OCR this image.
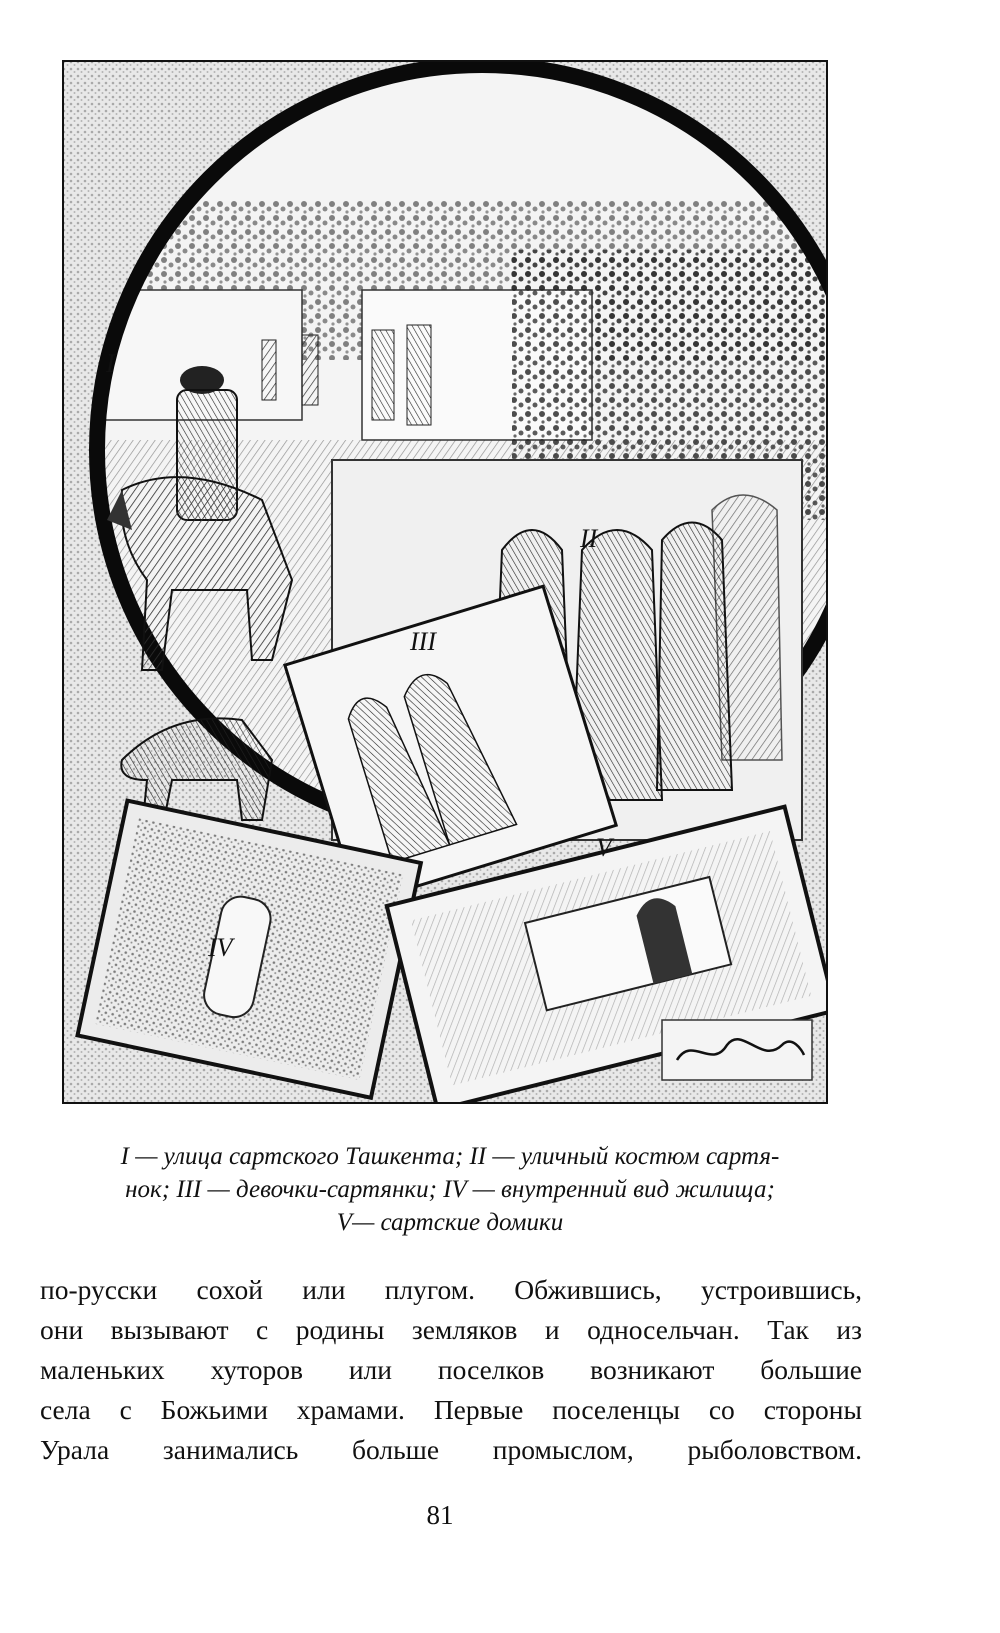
I
II
III
IV
V
I — улица сартского Ташкента; II — уличный костюм сартя-
нок; III — девочки-сартянки; IV — внутренний вид жилища;
V— сартские домики
по-русски сохой или плугом. Обжившись, устроившись,
они вызывают с родины земляков и односельчан. Так из
маленьких хуторов или поселков возникают большие
села с Божьими храмами. Первые поселенцы со стороны
Урала занимались больше промыслом, рыболовством.
81
